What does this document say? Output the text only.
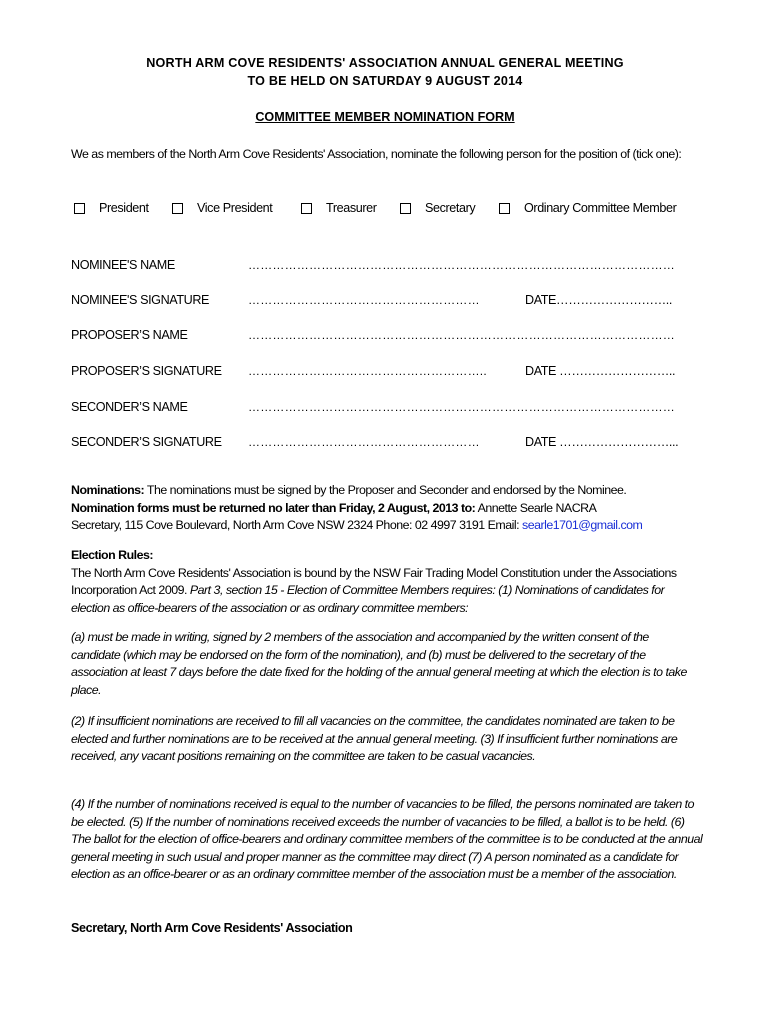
NORTH ARM COVE RESIDENTS' ASSOCIATION ANNUAL GENERAL MEETING
TO BE HELD ON SATURDAY 9 AUGUST 2014
COMMITTEE MEMBER NOMINATION FORM
We as members of the North Arm Cove Residents' Association, nominate the following person for the position of (tick one):
President	Vice President	Treasurer	Secretary	Ordinary Committee Member
NOMINEE'S NAME	……………………………………………………………………………………………
NOMINEE'S SIGNATURE	…………………………………………………	DATE………………………..
PROPOSER’S NAME	……………………………………………………………………………………………
PROPOSER’S SIGNATURE …………………………………………………..	DATE ………………………..
SECONDER’S NAME	……………………………………………………………………………………………
SECONDER’S SIGNATURE …………………………………………………	DATE ………………………...

Nominations: The nominations must be signed by the Proposer and Seconder and endorsed by the Nominee.

Nomination forms must be returned no later than Friday, 2 August, 2013 to: Annette Searle NACRA

Secretary, 115 Cove Boulevard, North Arm Cove NSW 2324 Phone: 02 4997 3191 Email: searle1701@gmail.com

Election Rules:

The North Arm Cove Residents' Association is bound by the NSW Fair Trading Model Constitution under the Associations Incorporation Act 2009. Part 3, section 15 - Election of Committee Members requires: (1) Nominations of candidates for election as office-bearers of the association or as ordinary committee members:

(a) must be made in writing, signed by 2 members of the association and accompanied by the written consent of the candidate (which may be endorsed on the form of the nomination), and (b) must be delivered to the secretary of the association at least 7 days before the date fixed for the holding of the annual general meeting at which the election is to take place.
(2) If insufficient nominations are received to fill all vacancies on the committee, the candidates nominated are taken to be elected and further nominations are to be received at the annual general meeting. (3) If insufficient further nominations are received, any vacant positions remaining on the committee are taken to be casual vacancies.
(4) If the number of nominations received is equal to the number of vacancies to be filled, the persons nominated are taken to be elected. (5) If the number of nominations received exceeds the number of vacancies to be filled, a ballot is to be held. (6) The ballot for the election of office-bearers and ordinary committee members of the committee is to be conducted at the annual general meeting in such usual and proper manner as the committee may direct (7) A person nominated as a candidate for election as an office-bearer or as an ordinary committee member of the association must be a member of the association.
Secretary, North Arm Cove Residents' Association
